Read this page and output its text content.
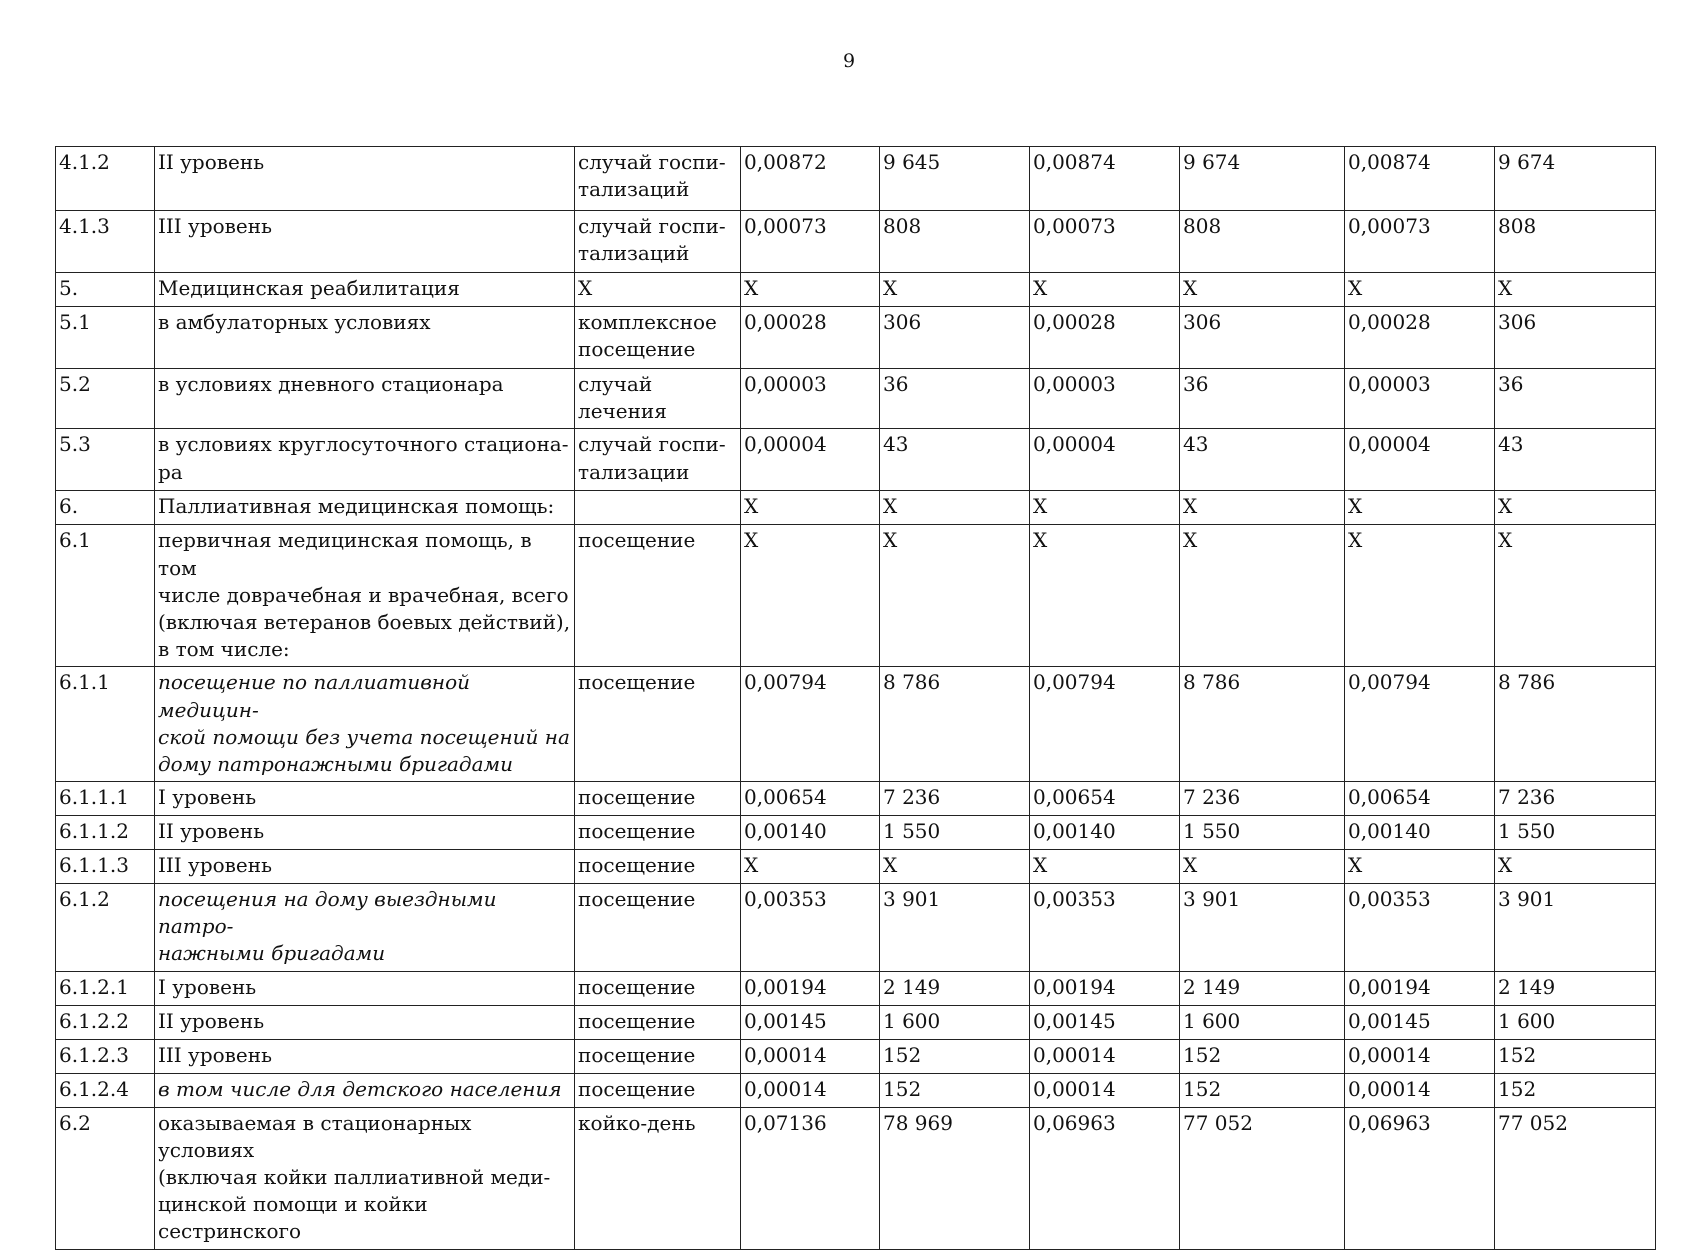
9
4.1.2	II уровень	случай госпи-
тализаций	0,00872	9 645	0,00874	9 674	0,00874	9 674
4.1.3	III уровень	случай госпи-
тализаций	0,00073	808	0,00073	808	0,00073	808
5.	Медицинская реабилитация	X	X	X	X	X	X	X
5.1	в амбулаторных условиях	комплексное
посещение	0,00028	306	0,00028	306	0,00028	306
5.2	в условиях дневного стационара	случай лечения	0,00003	36	0,00003	36	0,00003	36
5.3	в условиях круглосуточного стациона-
ра	случай госпи-
тализации	0,00004	43	0,00004	43	0,00004	43
6.	Паллиативная медицинская помощь:		X	X	X	X	X	X
6.1	первичная медицинская помощь, в том
числе доврачебная и врачебная, всего
(включая ветеранов боевых действий),
в том числе:	посещение	X	X	X	X	X	X
6.1.1	посещение по паллиативной медицин-
ской помощи без учета посещений на
дому патронажными бригадами	посещение	0,00794	8 786	0,00794	8 786	0,00794	8 786
6.1.1.1	I уровень	посещение	0,00654	7 236	0,00654	7 236	0,00654	7 236
6.1.1.2	II уровень	посещение	0,00140	1 550	0,00140	1 550	0,00140	1 550
6.1.1.3	III уровень	посещение	X	X	X	X	X	X
6.1.2	посещения на дому выездными патро-
нажными бригадами	посещение	0,00353	3 901	0,00353	3 901	0,00353	3 901
6.1.2.1	I уровень	посещение	0,00194	2 149	0,00194	2 149	0,00194	2 149
6.1.2.2	II уровень	посещение	0,00145	1 600	0,00145	1 600	0,00145	1 600
6.1.2.3	III уровень	посещение	0,00014	152	0,00014	152	0,00014	152
6.1.2.4	в том числе для детского населения	посещение	0,00014	152	0,00014	152	0,00014	152
6.2	оказываемая в стационарных условиях
(включая койки паллиативной меди-
цинской помощи и койки сестринского	койко-день	0,07136	78 969	0,06963	77 052	0,06963	77 052
